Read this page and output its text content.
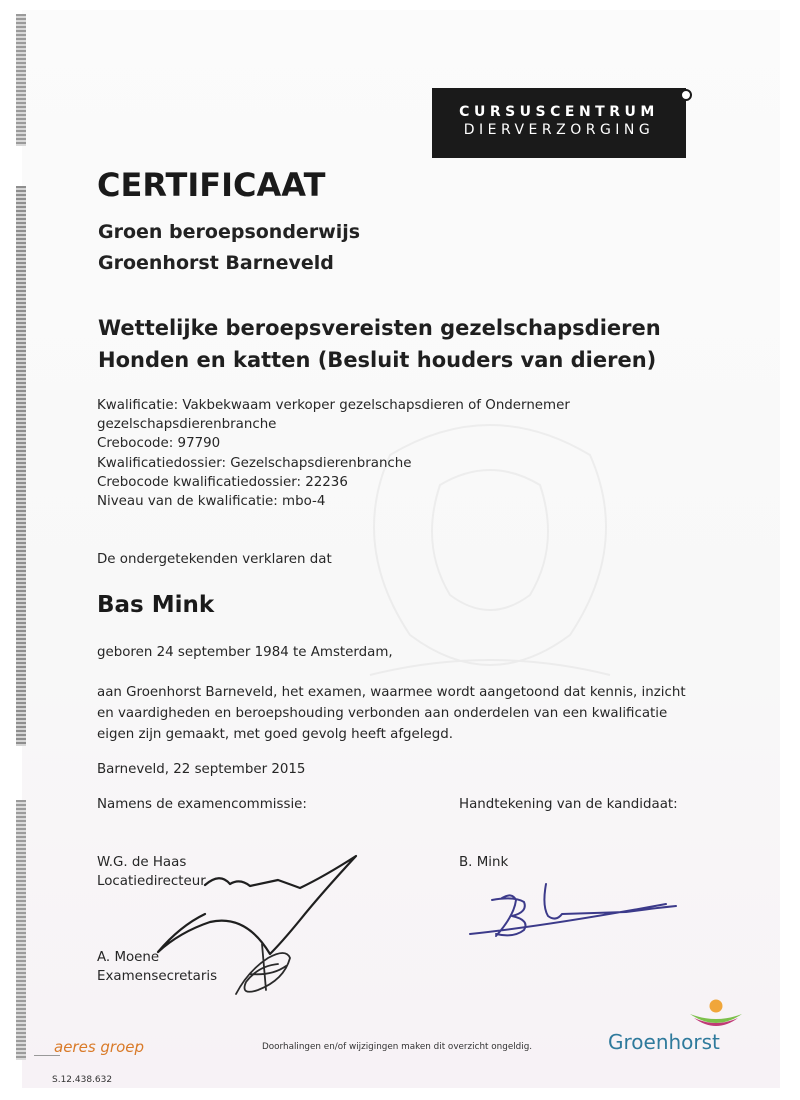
CURSUSCENTRUM
DIERVERZORGING

CERTIFICAAT

Groen beroepsonderwijs

Groenhorst Barneveld

Wettelijke beroepsvereisten gezelschapsdieren

Honden en katten (Besluit houders van dieren)

Kwalificatie: Vakbekwaam verkoper gezelschapsdieren of Ondernemer

gezelschapsdierenbranche

Crebocode: 97790

Kwalificatiedossier: Gezelschapsdierenbranche

Crebocode kwalificatiedossier: 22236

Niveau van de kwalificatie: mbo-4

De ondergetekenden verklaren dat

Bas Mink

geboren 24 september 1984 te Amsterdam,

aan Groenhorst Barneveld, het examen, waarmee wordt aangetoond dat kennis, inzicht en vaardigheden en beroepshouding verbonden aan onderdelen van een kwalificatie eigen zijn gemaakt, met goed gevolg heeft afgelegd.

Barneveld, 22 september 2015

Namens de examencommissie:	Handtekening van de kandidaat:

W.G. de Haas

Locatiedirecteur

B. Mink

A. Moene

Examensecretaris

aeres groep	Doorhalingen en/of wijzigingen maken dit overzicht ongeldig.	Groenhorst

S.12.438.632
